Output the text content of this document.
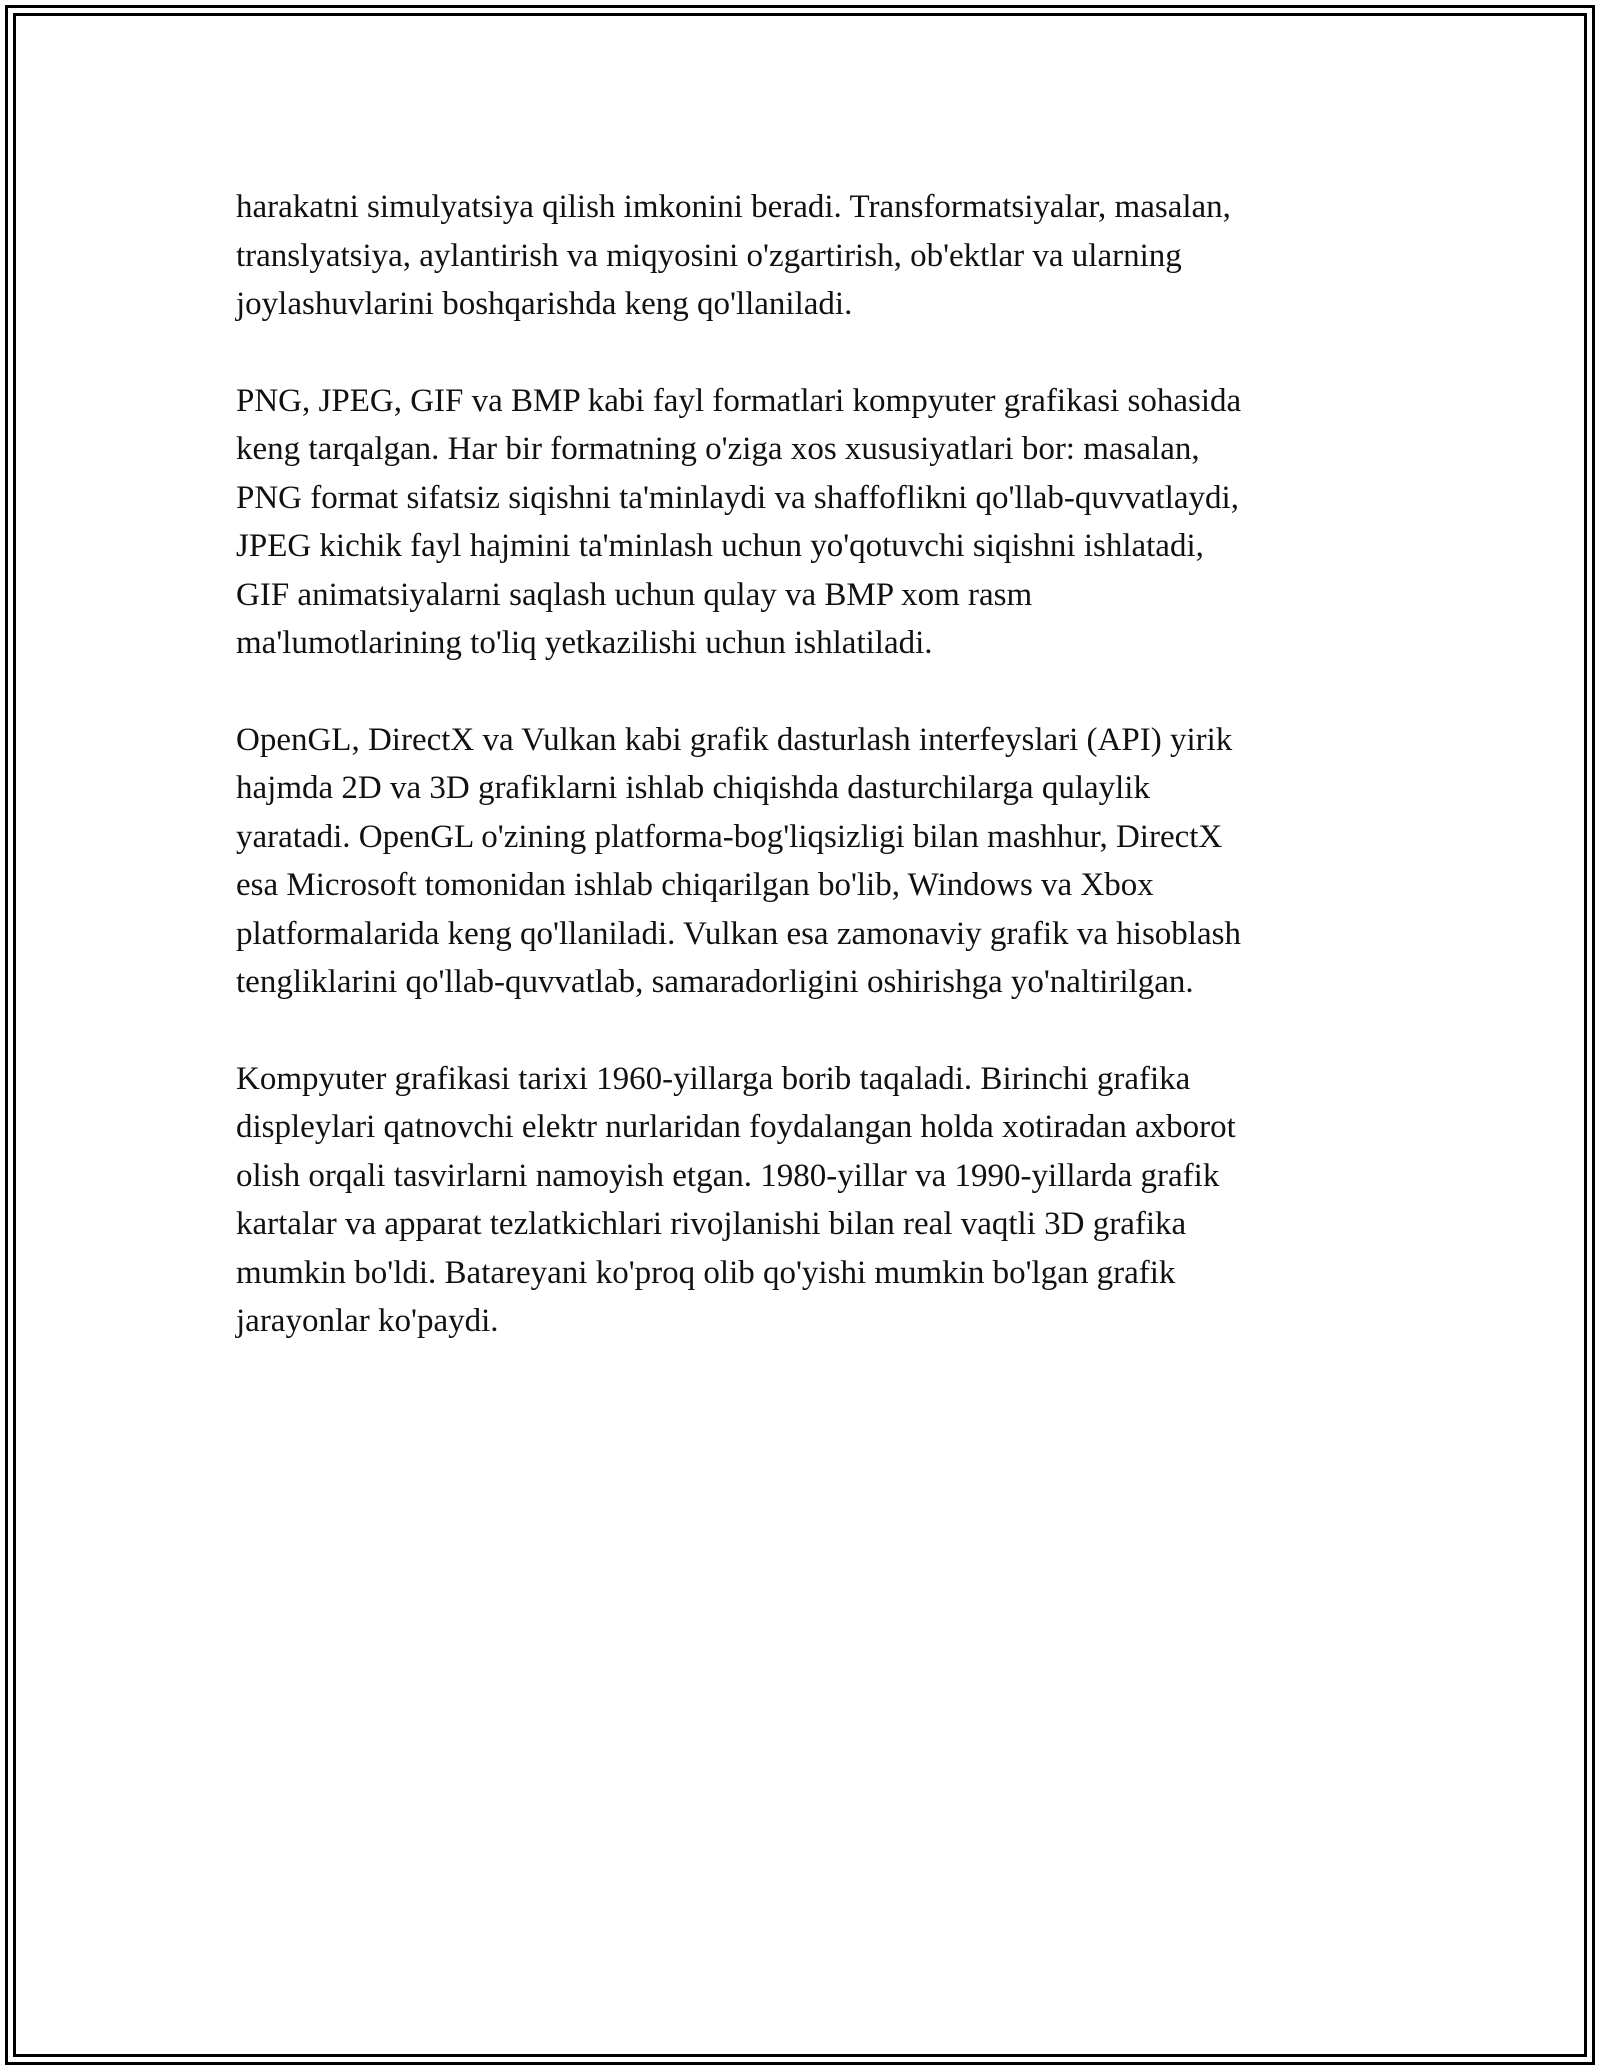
harakatni simulyatsiya qilish imkonini beradi. Transformatsiyalar, masalan,
translyatsiya, aylantirish va miqyosini o'zgartirish, ob'ektlar va ularning
joylashuvlarini boshqarishda keng qo'llaniladi.

PNG, JPEG, GIF va BMP kabi fayl formatlari kompyuter grafikasi sohasida
keng tarqalgan. Har bir formatning o'ziga xos xususiyatlari bor: masalan,
PNG format sifatsiz siqishni ta'minlaydi va shaffoflikni qo'llab-quvvatlaydi,
JPEG kichik fayl hajmini ta'minlash uchun yo'qotuvchi siqishni ishlatadi,
GIF animatsiyalarni saqlash uchun qulay va BMP xom rasm
ma'lumotlarining to'liq yetkazilishi uchun ishlatiladi.

OpenGL, DirectX va Vulkan kabi grafik dasturlash interfeyslari (API) yirik
hajmda 2D va 3D grafiklarni ishlab chiqishda dasturchilarga qulaylik
yaratadi. OpenGL o'zining platforma-bog'liqsizligi bilan mashhur, DirectX
esa Microsoft tomonidan ishlab chiqarilgan bo'lib, Windows va Xbox
platformalarida keng qo'llaniladi. Vulkan esa zamonaviy grafik va hisoblash
tengliklarini qo'llab-quvvatlab, samaradorligini oshirishga yo'naltirilgan.

Kompyuter grafikasi tarixi 1960-yillarga borib taqaladi. Birinchi grafika
displeylari qatnovchi elektr nurlaridan foydalangan holda xotiradan axborot
olish orqali tasvirlarni namoyish etgan. 1980-yillar va 1990-yillarda grafik
kartalar va apparat tezlatkichlari rivojlanishi bilan real vaqtli 3D grafika
mumkin bo'ldi. Batareyani ko'proq olib qo'yishi mumkin bo'lgan grafik
jarayonlar ko'paydi.
